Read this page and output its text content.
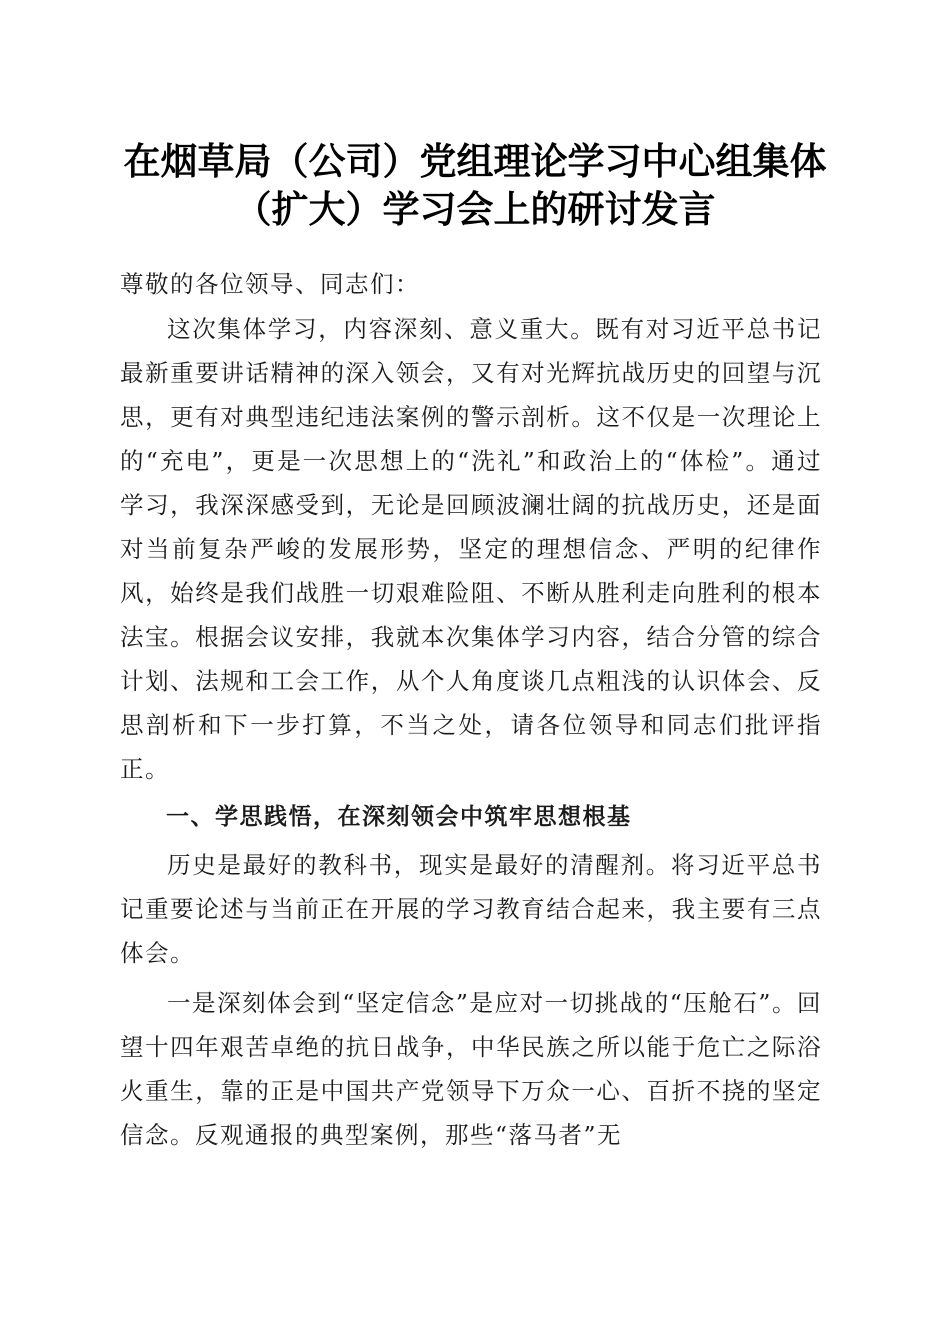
在烟草局（公司）党组理论学习中心组集体
（扩大）学习会上的研讨发言

尊敬的各位领导、同志们：

这次集体学习，内容深刻、意义重大。既有对习近平总书记最新重要讲话精神的深入领会，又有对光辉抗战历史的回望与沉思，更有对典型违纪违法案例的警示剖析。这不仅是一次理论上的“充电”，更是一次思想上的“洗礼”和政治上的“体检”。通过学习，我深深感受到，无论是回顾波澜壮阔的抗战历史，还是面对当前复杂严峻的发展形势，坚定的理想信念、严明的纪律作风，始终是我们战胜一切艰难险阻、不断从胜利走向胜利的根本法宝。根据会议安排，我就本次集体学习内容，结合分管的综合计划、法规和工会工作，从个人角度谈几点粗浅的认识体会、反思剖析和下一步打算，不当之处，请各位领导和同志们批评指正。

一、学思践悟，在深刻领会中筑牢思想根基

历史是最好的教科书，现实是最好的清醒剂。将习近平总书记重要论述与当前正在开展的学习教育结合起来，我主要有三点体会。

一是深刻体会到“坚定信念”是应对一切挑战的“压舱石”。回望十四年艰苦卓绝的抗日战争，中华民族之所以能于危亡之际浴火重生，靠的正是中国共产党领导下万众一心、百折不挠的坚定信念。反观通报的典型案例，那些“落马者”无
